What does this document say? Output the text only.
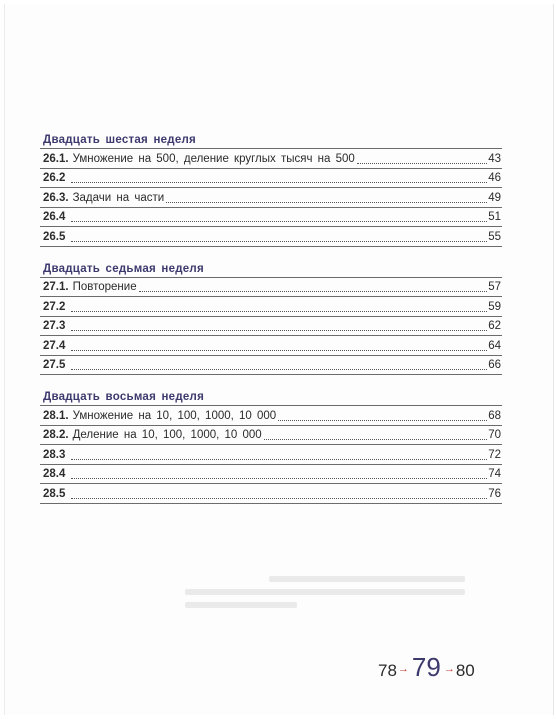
Двадцать шестая неделя
26.1. Умножение на 500, деление круглых тысяч на 500	43
26.2	46
26.3. Задачи на части	49
26.4	51
26.5	55
Двадцать седьмая неделя
27.1. Повторение	57
27.2	59
27.3	62
27.4	64
27.5	66
Двадцать восьмая неделя
28.1. Умножение на 10, 100, 1000, 10 000	68
28.2. Деление на 10, 100, 1000, 10 000	70
28.3	72
28.4	74
28.5	76
78 → 79 → 80
